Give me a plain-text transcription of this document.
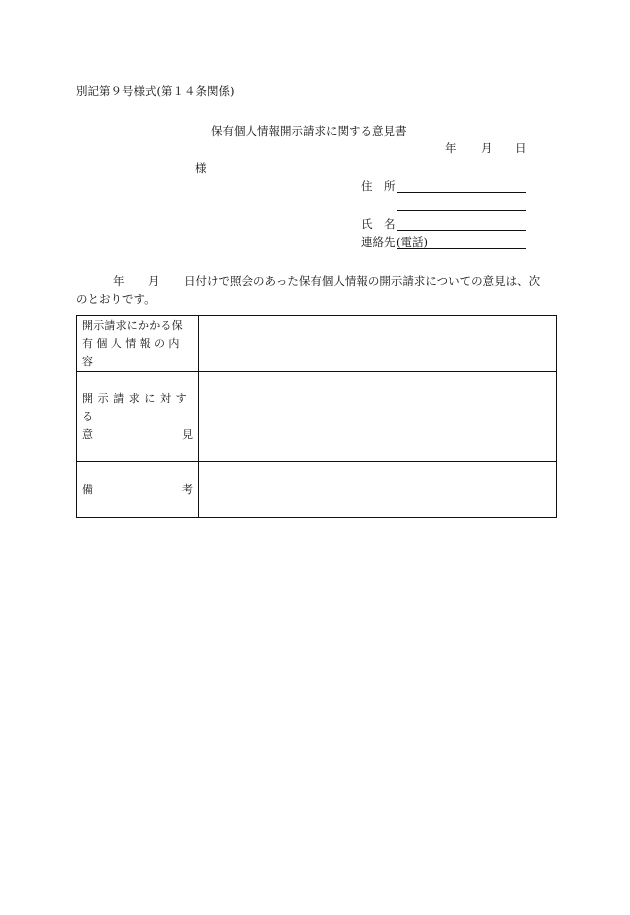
別記第９号様式(第１４条関係)
保有個人情報開示請求に関する意見書
年 月 日
様
住　所
氏　名
連絡先 (電話)
年 月 日付けで照会のあった保有個人情報の開示請求についての意見は、次
のとおりです。
開示請求にかかる保
有個人情報の内容	

開示請求に対する
意 見	

備 考	
